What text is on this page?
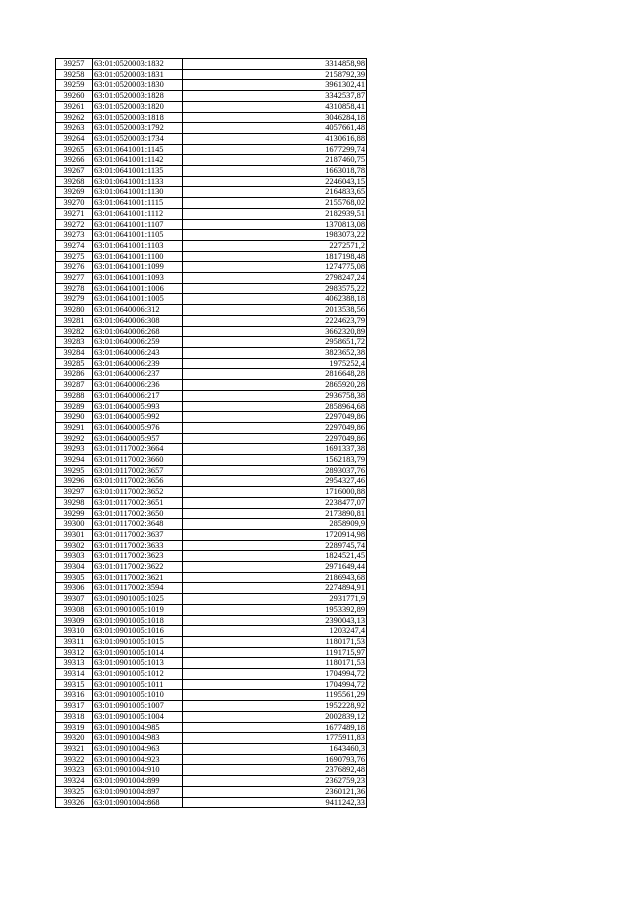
39257	63:01:0520003:1832	3314858,98
39258	63:01:0520003:1831	2158792,39
39259	63:01:0520003:1830	3961302,41
39260	63:01:0520003:1828	3342537,87
39261	63:01:0520003:1820	4310858,41
39262	63:01:0520003:1818	3046284,18
39263	63:01:0520003:1792	4057661,48
39264	63:01:0520003:1734	4130616,88
39265	63:01:0641001:1145	1677299,74
39266	63:01:0641001:1142	2187460,75
39267	63:01:0641001:1135	1663018,78
39268	63:01:0641001:1133	2246043,15
39269	63:01:0641001:1130	2164833,65
39270	63:01:0641001:1115	2155768,02
39271	63:01:0641001:1112	2182939,51
39272	63:01:0641001:1107	1370813,08
39273	63:01:0641001:1105	1983073,22
39274	63:01:0641001:1103	2272571,2
39275	63:01:0641001:1100	1817198,48
39276	63:01:0641001:1099	1274775,08
39277	63:01:0641001:1093	2798247,24
39278	63:01:0641001:1006	2983575,22
39279	63:01:0641001:1005	4062388,18
39280	63:01:0640006:312	2013538,56
39281	63:01:0640006:308	2224623,79
39282	63:01:0640006:268	3662320,89
39283	63:01:0640006:259	2958651,72
39284	63:01:0640006:243	3823652,38
39285	63:01:0640006:239	1975252,4
39286	63:01:0640006:237	2816648,28
39287	63:01:0640006:236	2865920,28
39288	63:01:0640006:217	2936758,38
39289	63:01:0640005:993	2858964,68
39290	63:01:0640005:992	2297049,86
39291	63:01:0640005:976	2297049,86
39292	63:01:0640005:957	2297049,86
39293	63:01:0117002:3664	1691337,38
39294	63:01:0117002:3660	1562183,79
39295	63:01:0117002:3657	2893037,76
39296	63:01:0117002:3656	2954327,46
39297	63:01:0117002:3652	1716000,88
39298	63:01:0117002:3651	2238477,07
39299	63:01:0117002:3650	2173890,81
39300	63:01:0117002:3648	2858909,9
39301	63:01:0117002:3637	1720914,98
39302	63:01:0117002:3633	2289745,74
39303	63:01:0117002:3623	1824521,45
39304	63:01:0117002:3622	2971649,44
39305	63:01:0117002:3621	2186943,68
39306	63:01:0117002:3594	2274894,91
39307	63:01:0901005:1025	2931771,9
39308	63:01:0901005:1019	1953392,89
39309	63:01:0901005:1018	2390043,13
39310	63:01:0901005:1016	1203247,4
39311	63:01:0901005:1015	1180171,53
39312	63:01:0901005:1014	1191715,97
39313	63:01:0901005:1013	1180171,53
39314	63:01:0901005:1012	1704994,72
39315	63:01:0901005:1011	1704994,72
39316	63:01:0901005:1010	1195561,29
39317	63:01:0901005:1007	1952228,92
39318	63:01:0901005:1004	2002839,12
39319	63:01:0901004:985	1677489,18
39320	63:01:0901004:983	1775911,83
39321	63:01:0901004:963	1643460,3
39322	63:01:0901004:923	1690793,76
39323	63:01:0901004:910	2376892,48
39324	63:01:0901004:899	2362759,23
39325	63:01:0901004:897	2360121,36
39326	63:01:0901004:868	9411242,33
